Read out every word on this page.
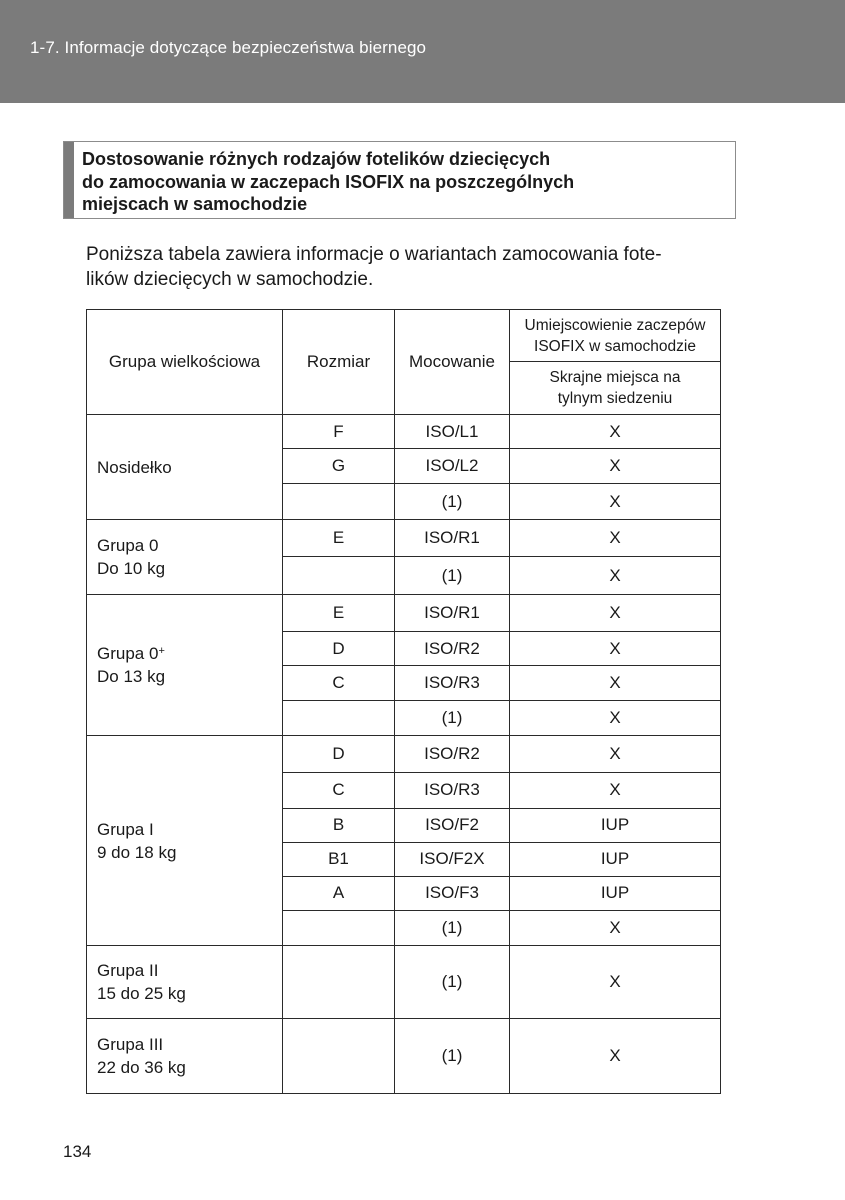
1-7. Informacje dotyczące bezpieczeństwa biernego
Dostosowanie różnych rodzajów fotelików dziecięcych
do zamocowania w zaczepach ISOFIX na poszczególnych
miejscach w samochodzie
Poniższa tabela zawiera informacje o wariantach zamocowania fote-
lików dziecięcych w samochodzie.
Grupa wielkościowa	Rozmiar	Mocowanie	Umiejscowienie zaczepów
ISOFIX w samochodzie

			Skrajne miejsca na
tylnym siedzeniu

Nosidełko	F	ISO/L1	X
	G	ISO/L2	X
		(1)	X

Grupa 0
Do 10 kg	E	ISO/R1	X
		(1)	X

Grupa 0+
Do 13 kg	E	ISO/R1	X
	D	ISO/R2	X
	C	ISO/R3	X
		(1)	X

Grupa I
9 do 18 kg	D	ISO/R2	X
	C	ISO/R3	X
	B	ISO/F2	IUP
	B1	ISO/F2X	IUP
	A	ISO/F3	IUP
		(1)	X

Grupa II
15 do 25 kg		(1)	X

Grupa III
22 do 36 kg		(1)	X
134
